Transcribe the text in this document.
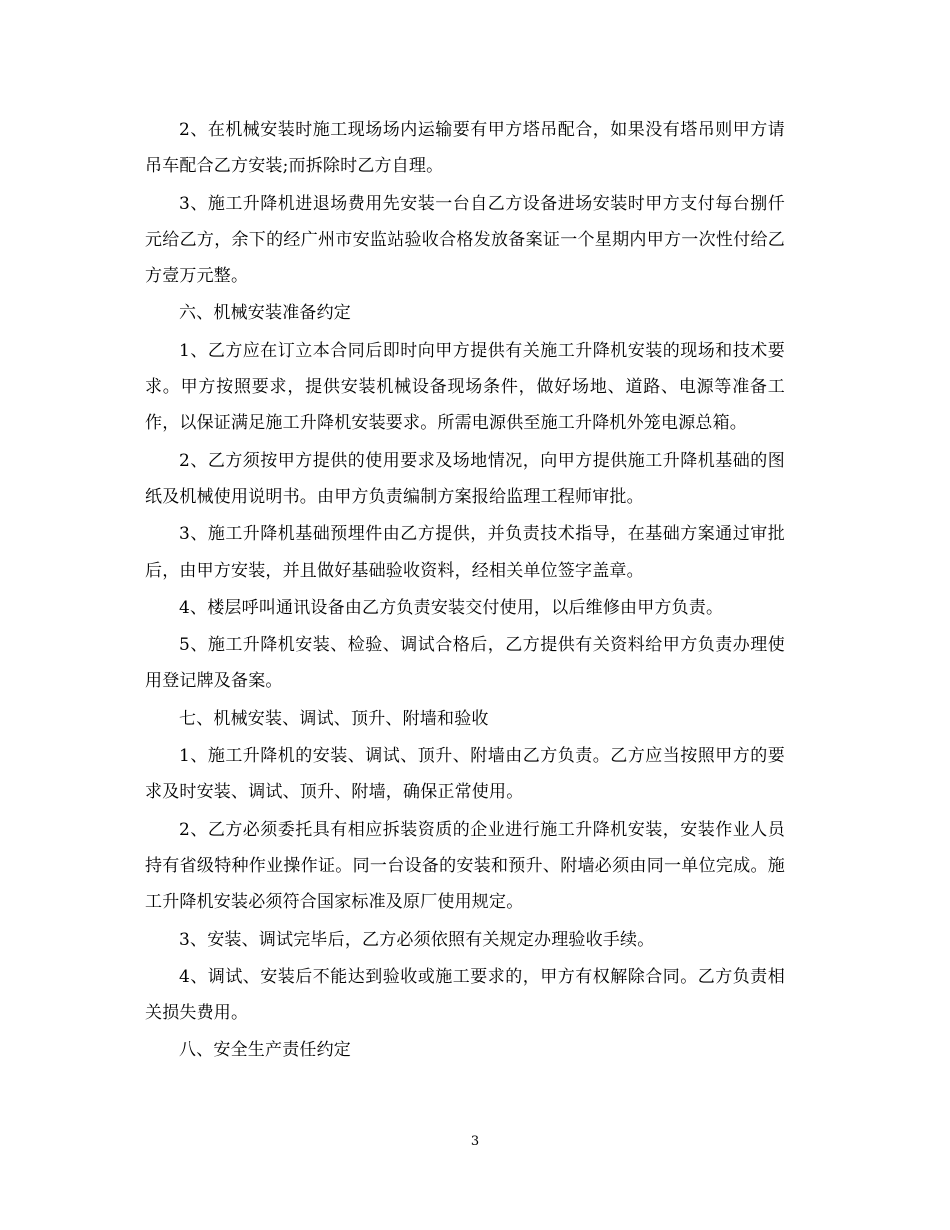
2、在机械安装时施工现场场内运输要有甲方塔吊配合，如果没有塔吊则甲方请吊车配合乙方安装;而拆除时乙方自理。

3、施工升降机进退场费用先安装一台自乙方设备进场安装时甲方支付每台捌仟元给乙方，余下的经广州市安监站验收合格发放备案证一个星期内甲方一次性付给乙方壹万元整。

六、机械安装准备约定

1、乙方应在订立本合同后即时向甲方提供有关施工升降机安装的现场和技术要求。甲方按照要求，提供安装机械设备现场条件，做好场地、道路、电源等准备工作，以保证满足施工升降机安装要求。所需电源供至施工升降机外笼电源总箱。

2、乙方须按甲方提供的使用要求及场地情况，向甲方提供施工升降机基础的图纸及机械使用说明书。由甲方负责编制方案报给监理工程师审批。

3、施工升降机基础预埋件由乙方提供，并负责技术指导，在基础方案通过审批后，由甲方安装，并且做好基础验收资料，经相关单位签字盖章。

4、楼层呼叫通讯设备由乙方负责安装交付使用，以后维修由甲方负责。

5、施工升降机安装、检验、调试合格后，乙方提供有关资料给甲方负责办理使用登记牌及备案。

七、机械安装、调试、顶升、附墙和验收

1、施工升降机的安装、调试、顶升、附墙由乙方负责。乙方应当按照甲方的要求及时安装、调试、顶升、附墙，确保正常使用。

2、乙方必须委托具有相应拆装资质的企业进行施工升降机安装，安装作业人员持有省级特种作业操作证。同一台设备的安装和预升、附墙必须由同一单位完成。施工升降机安装必须符合国家标准及原厂使用规定。

3、安装、调试完毕后，乙方必须依照有关规定办理验收手续。

4、调试、安装后不能达到验收或施工要求的，甲方有权解除合同。乙方负责相关损失费用。

八、安全生产责任约定

3
